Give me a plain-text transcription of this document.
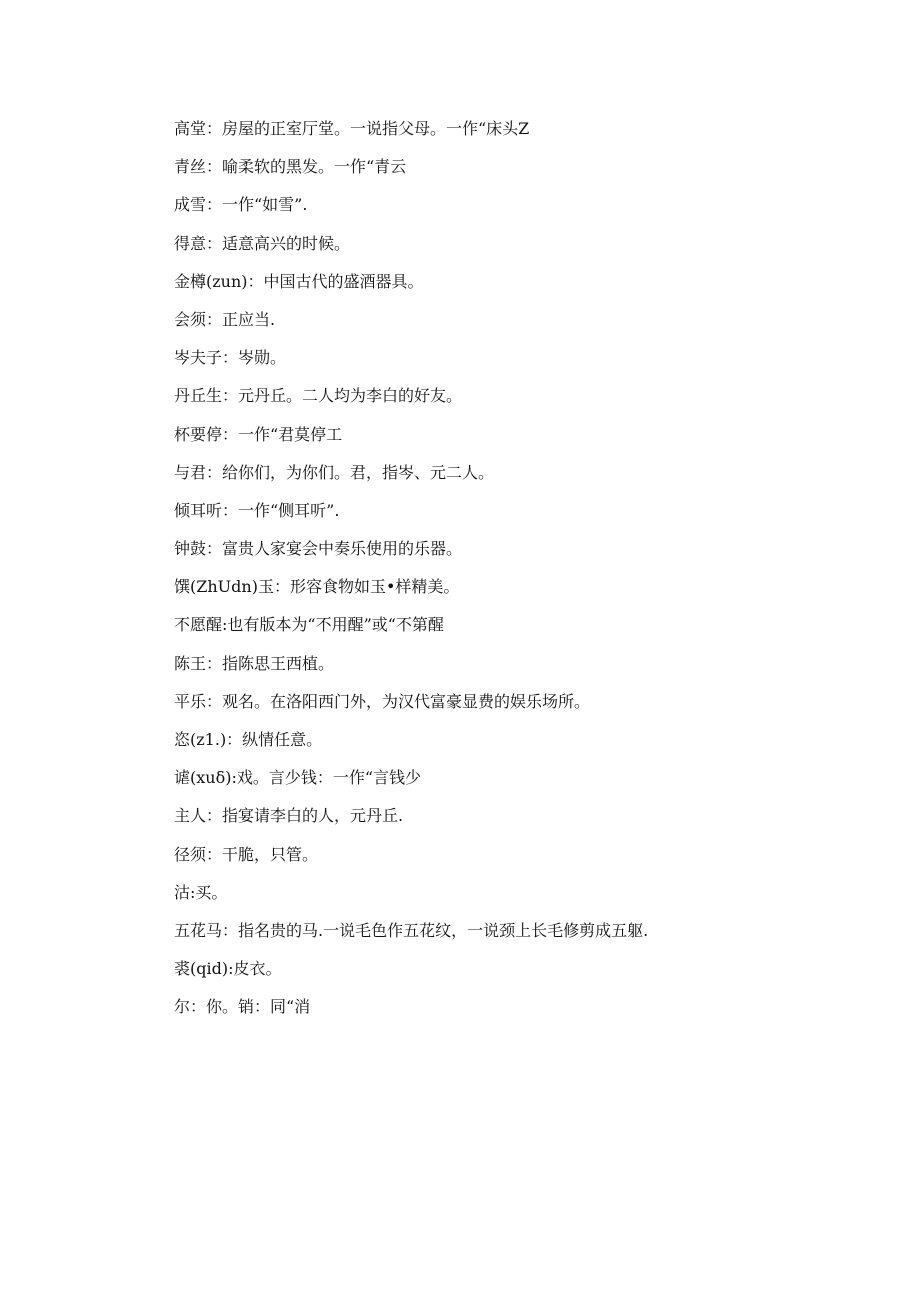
高堂：房屋的正室厅堂。一说指父母。一作“床头Z
青丝：喻柔软的黑发。一作“青云
成雪：一作“如雪”.
得意：适意高兴的时候。
金樽(zun)：中国古代的盛酒器具。
会须：正应当.
岑夫子：岑勋。
丹丘生：元丹丘。二人均为李白的好友。
杯要停：一作“君莫停工
与君：给你们，为你们。君，指岑、元二人。
倾耳听：一作“侧耳听”.
钟鼓：富贵人家宴会中奏乐使用的乐器。
馔(ZhUdn)玉：形容食物如玉•样精美。
不愿醒:也有版本为“不用醒”或“不第醒
陈王：指陈思王西植。
平乐：观名。在洛阳西门外，为汉代富豪显费的娱乐场所。
恣(z1.)：纵情任意。
谑(xuδ):戏。言少钱：一作“言钱少
主人：指宴请李白的人，元丹丘.
径须：干脆，只管。
沽:买。
五花马：指名贵的马.一说毛色作五花纹，一说颈上长毛修剪成五躯.
裘(qid):皮衣。
尔：你。销：同“消
